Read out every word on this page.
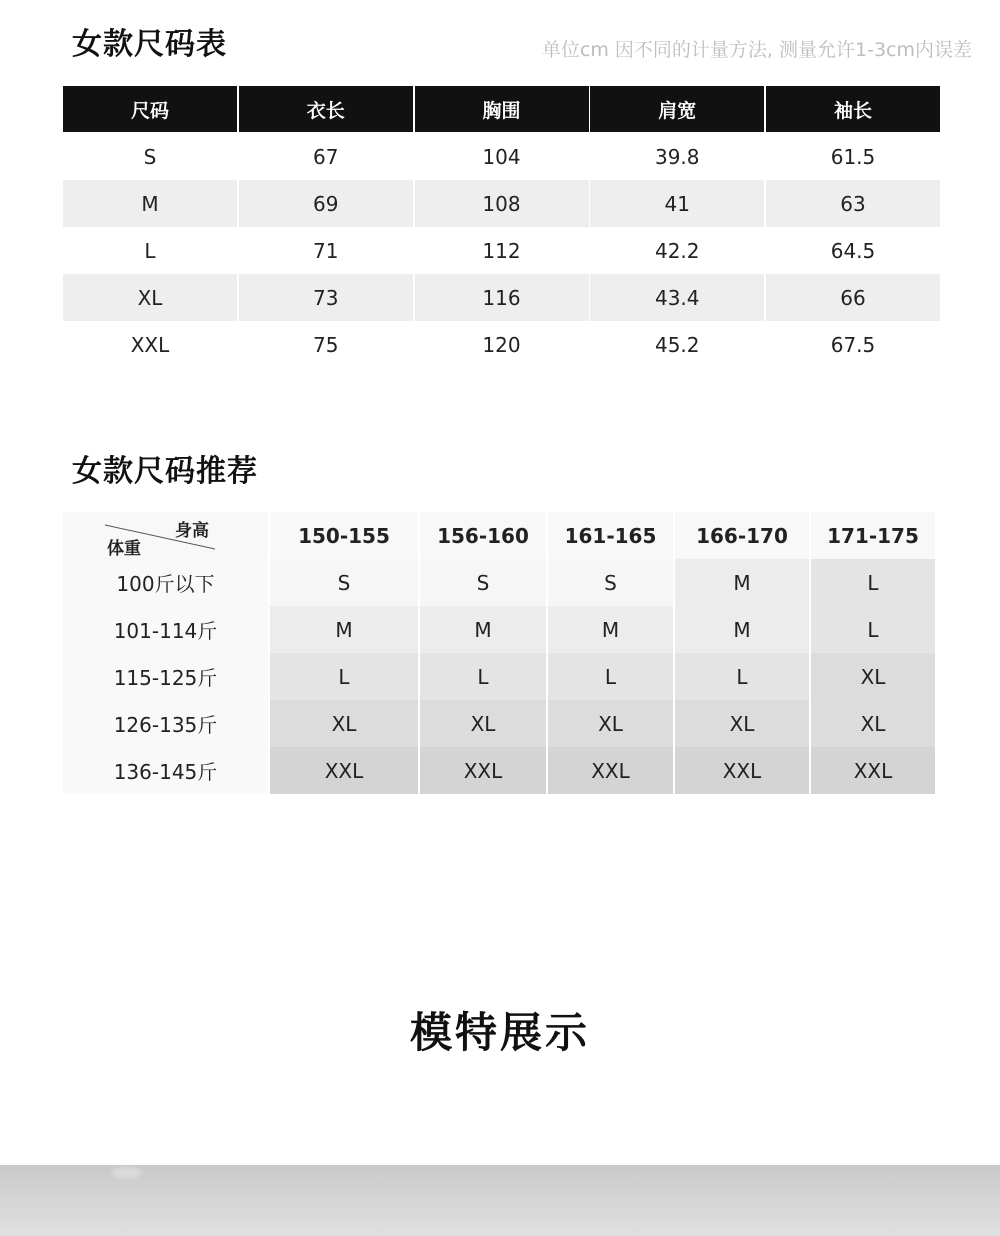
女款尺码表	单位cm 因不同的计量方法, 测量允许1-3cm内误差
尺码	衣长	胸围	肩宽	袖长
S	67	104	39.8	61.5
M	69	108	41	63
L	71	112	42.2	64.5
XL	73	116	43.4	66
XXL	75	120	45.2	67.5
女款尺码推荐
身高
体重
150-155	156-160	161-165	166-170	171-175
100斤以下	S	S	S	M	L
101-114斤	M	M	M	M	L
115-125斤	L	L	L	L	XL
126-135斤	XL	XL	XL	XL	XL
136-145斤	XXL	XXL	XXL	XXL	XXL
模特展示
